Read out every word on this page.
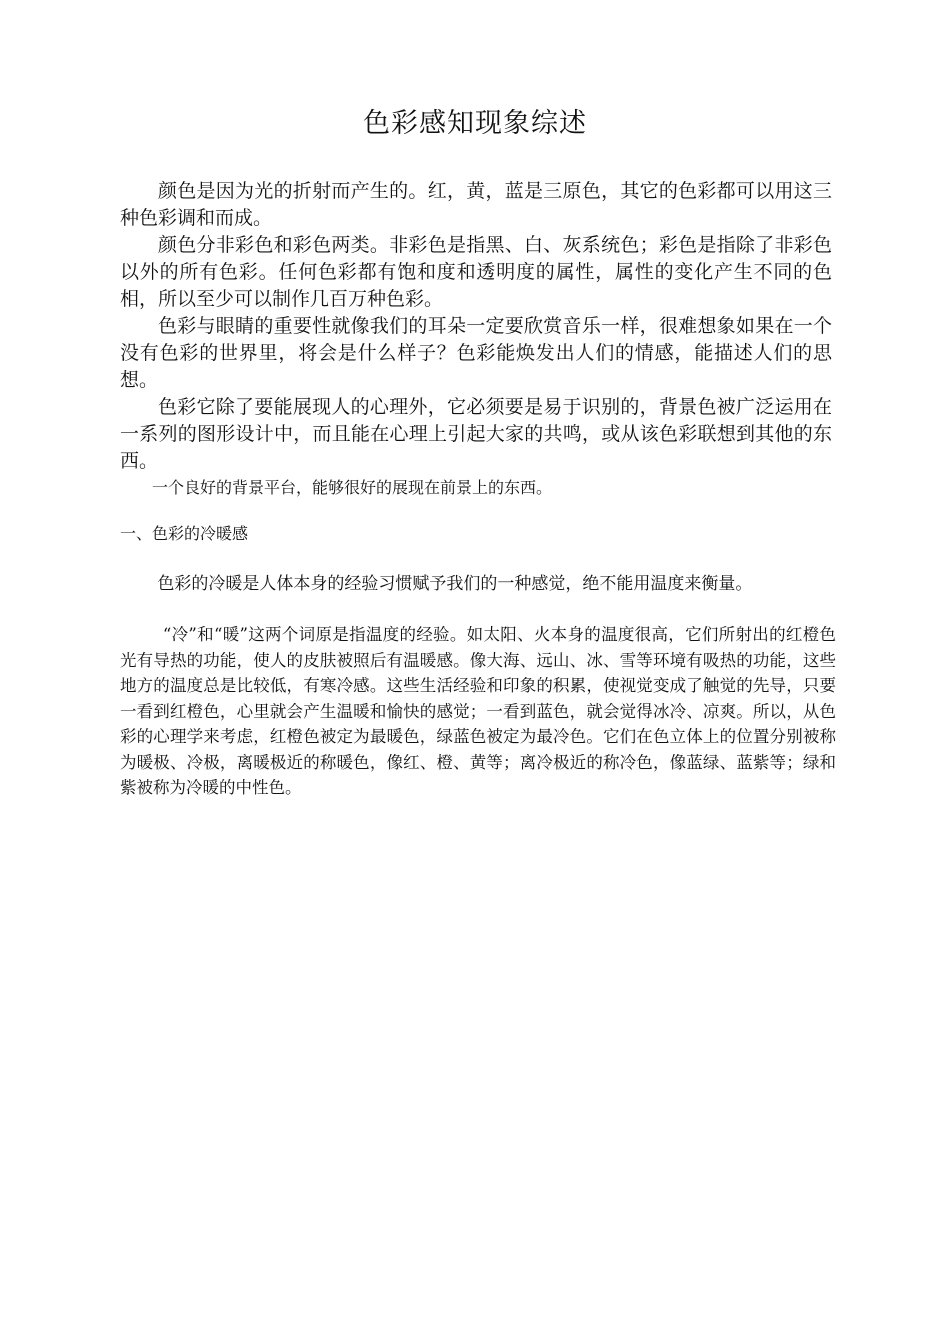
色彩感知现象综述

颜色是因为光的折射而产生的。红，黄，蓝是三原色，其它的色彩都可以用这三种色彩调和而成。

颜色分非彩色和彩色两类。非彩色是指黑、白、灰系统色；彩色是指除了非彩色以外的所有色彩。任何色彩都有饱和度和透明度的属性，属性的变化产生不同的色相，所以至少可以制作几百万种色彩。

色彩与眼睛的重要性就像我们的耳朵一定要欣赏音乐一样，很难想象如果在一个没有色彩的世界里，将会是什么样子？色彩能焕发出人们的情感，能描述人们的思想。

色彩它除了要能展现人的心理外，它必须要是易于识别的，背景色被广泛运用在一系列的图形设计中，而且能在心理上引起大家的共鸣，或从该色彩联想到其他的东西。

一个良好的背景平台，能够很好的展现在前景上的东西。

一、色彩的冷暖感

色彩的冷暖是人体本身的经验习惯赋予我们的一种感觉，绝不能用温度来衡量。

“冷”和“暖”这两个词原是指温度的经验。如太阳、火本身的温度很高，它们所射出的红橙色光有导热的功能，使人的皮肤被照后有温暖感。像大海、远山、冰、雪等环境有吸热的功能，这些地方的温度总是比较低，有寒冷感。这些生活经验和印象的积累，使视觉变成了触觉的先导，只要一看到红橙色，心里就会产生温暖和愉快的感觉；一看到蓝色，就会觉得冰冷、凉爽。所以，从色彩的心理学来考虑，红橙色被定为最暖色，绿蓝色被定为最冷色。它们在色立体上的位置分别被称为暖极、冷极，离暖极近的称暖色，像红、橙、黄等；离冷极近的称冷色，像蓝绿、蓝紫等；绿和紫被称为冷暖的中性色。
